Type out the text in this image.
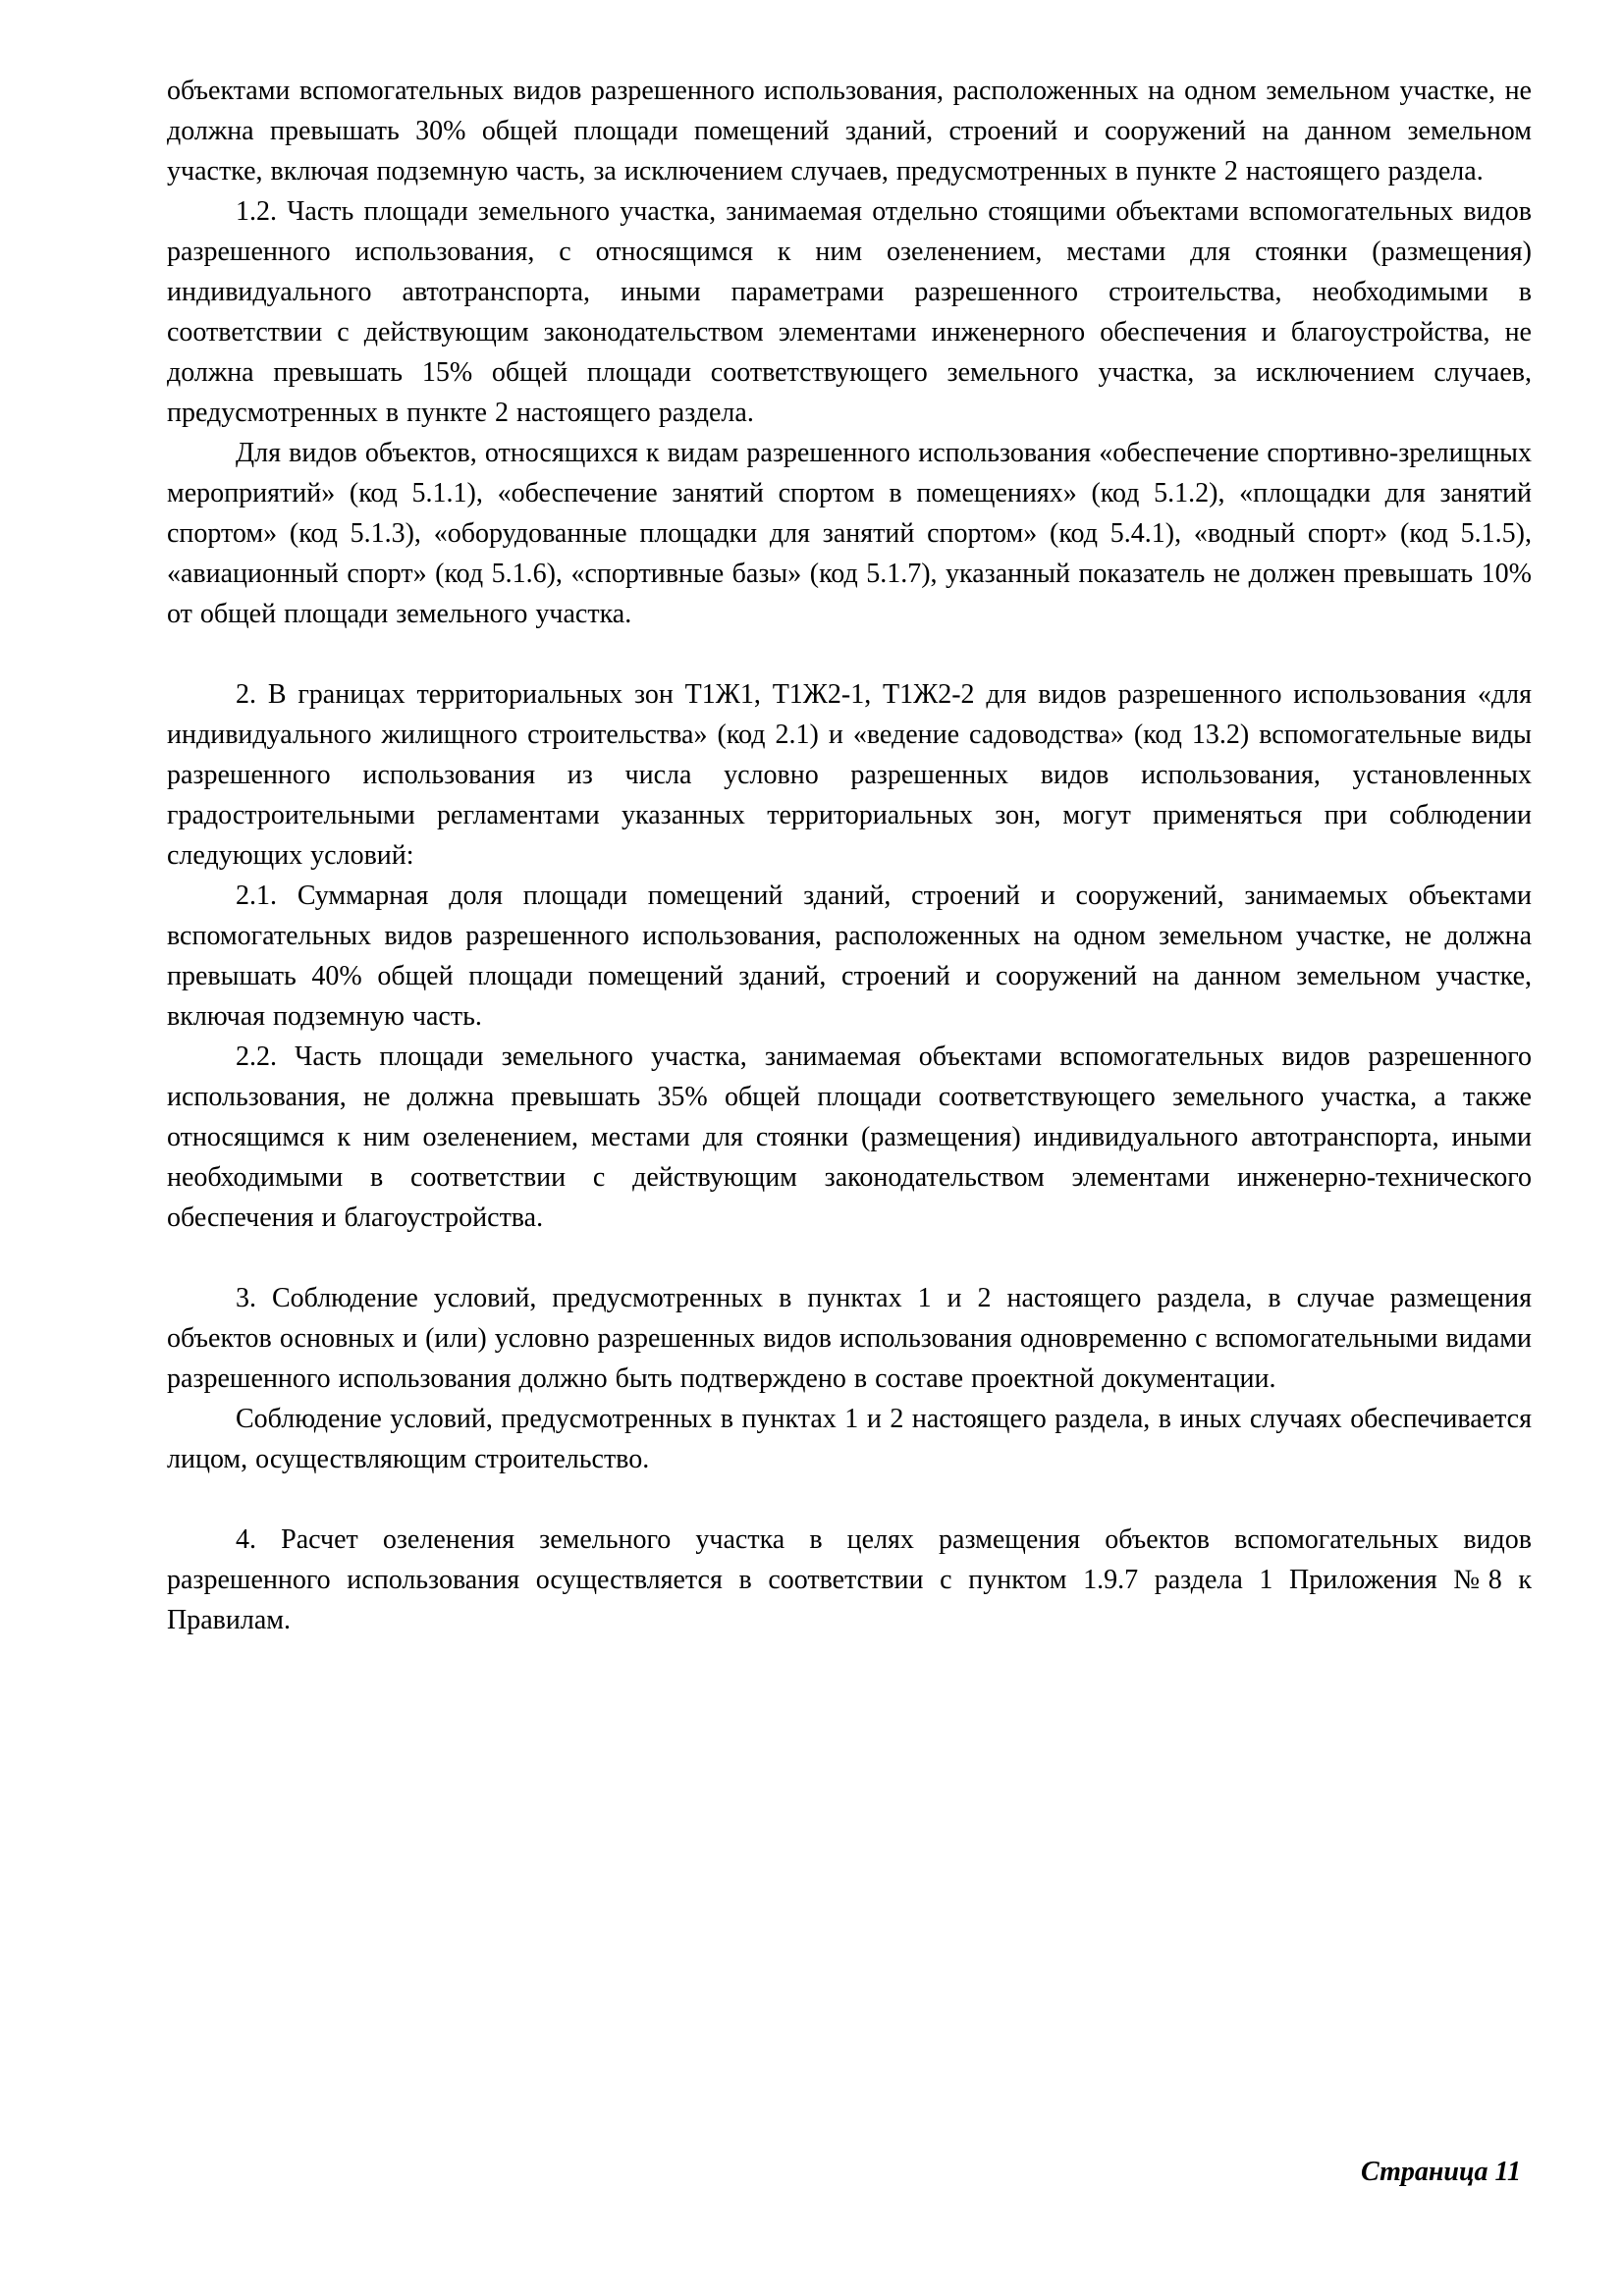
объектами вспомогательных видов разрешенного использования, расположенных на одном земельном участке, не должна превышать 30% общей площади помещений зданий, строений и сооружений на данном земельном участке, включая подземную часть, за исключением случаев, предусмотренных в пункте 2 настоящего раздела.

1.2. Часть площади земельного участка, занимаемая отдельно стоящими объектами вспомогательных видов разрешенного использования, с относящимся к ним озеленением, местами для стоянки (размещения) индивидуального автотранспорта, иными параметрами разрешенного строительства, необходимыми в соответствии с действующим законодательством элементами инженерного обеспечения и благоустройства, не должна превышать 15% общей площади соответствующего земельного участка, за исключением случаев, предусмотренных в пункте 2 настоящего раздела.

Для видов объектов, относящихся к видам разрешенного использования «обеспечение спортивно-зрелищных мероприятий» (код 5.1.1), «обеспечение занятий спортом в помещениях» (код 5.1.2), «площадки для занятий спортом» (код 5.1.3), «оборудованные площадки для занятий спортом» (код 5.4.1), «водный спорт» (код 5.1.5), «авиационный спорт» (код 5.1.6), «спортивные базы» (код 5.1.7), указанный показатель не должен превышать 10% от общей площади земельного участка.

2. В границах территориальных зон Т1Ж1, Т1Ж2-1, Т1Ж2-2 для видов разрешенного использования «для индивидуального жилищного строительства» (код 2.1) и «ведение садоводства» (код 13.2) вспомогательные виды разрешенного использования из числа условно разрешенных видов использования, установленных градостроительными регламентами указанных территориальных зон, могут применяться при соблюдении следующих условий:

2.1. Суммарная доля площади помещений зданий, строений и сооружений, занимаемых объектами вспомогательных видов разрешенного использования, расположенных на одном земельном участке, не должна превышать 40% общей площади помещений зданий, строений и сооружений на данном земельном участке, включая подземную часть.

2.2. Часть площади земельного участка, занимаемая объектами вспомогательных видов разрешенного использования, не должна превышать 35% общей площади соответствующего земельного участка, а также относящимся к ним озеленением, местами для стоянки (размещения) индивидуального автотранспорта, иными необходимыми в соответствии с действующим законодательством элементами инженерно-технического обеспечения и благоустройства.

3. Соблюдение условий, предусмотренных в пунктах 1 и 2 настоящего раздела, в случае размещения объектов основных и (или) условно разрешенных видов использования одновременно с вспомогательными видами разрешенного использования должно быть подтверждено в составе проектной документации.

Соблюдение условий, предусмотренных в пунктах 1 и 2 настоящего раздела, в иных случаях обеспечивается лицом, осуществляющим строительство.

4. Расчет озеленения земельного участка в целях размещения объектов вспомогательных видов разрешенного использования осуществляется в соответствии с пунктом 1.9.7 раздела 1 Приложения №8 к Правилам.

Страница 11
